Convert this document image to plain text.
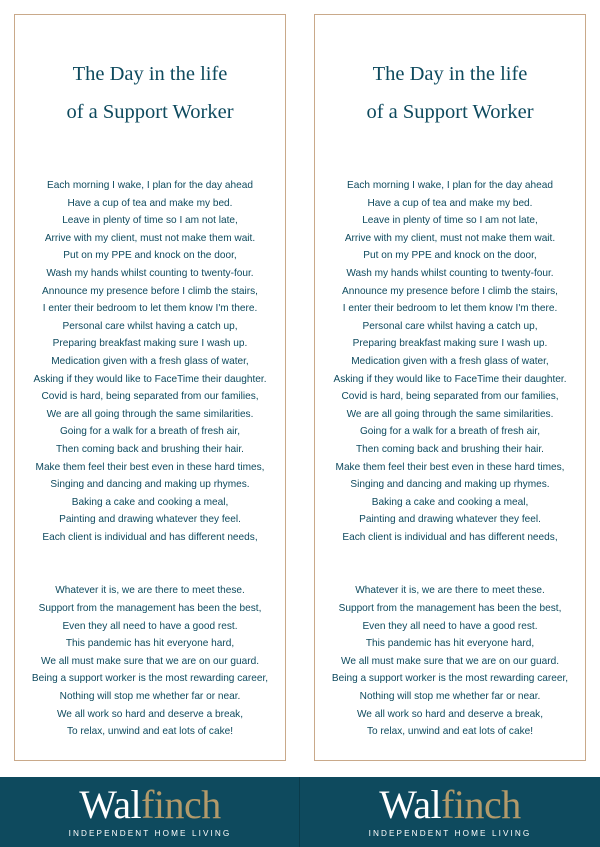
The Day in the life
of a Support Worker
Each morning I wake, I plan for the day ahead
Have a cup of tea and make my bed.
Leave in plenty of time so I am not late,
Arrive with my client, must not make them wait.
Put on my PPE and knock on the door,
Wash my hands whilst counting to twenty-four.
Announce my presence before I climb the stairs,
I enter their bedroom to let them know I'm there.
Personal care whilst having a catch up,
Preparing breakfast making sure I wash up.
Medication given with a fresh glass of water,
Asking if they would like to FaceTime their daughter.
Covid is hard, being separated from our families,
We are all going through the same similarities.
Going for a walk for a breath of fresh air,
Then coming back and brushing their hair.
Make them feel their best even in these hard times,
Singing and dancing and making up rhymes.
Baking a cake and cooking a meal,
Painting and drawing whatever they feel.
Each client is individual and has different needs,
Whatever it is, we are there to meet these.
Support from the management has been the best,
Even they all need to have a good rest.
This pandemic has hit everyone hard,
We all must make sure that we are on our guard.
Being a support worker is the most rewarding career,
Nothing will stop me whether far or near.
We all work so hard and deserve a break,
To relax, unwind and eat lots of cake!
The Day in the life
of a Support Worker
Each morning I wake, I plan for the day ahead
Have a cup of tea and make my bed.
Leave in plenty of time so I am not late,
Arrive with my client, must not make them wait.
Put on my PPE and knock on the door,
Wash my hands whilst counting to twenty-four.
Announce my presence before I climb the stairs,
I enter their bedroom to let them know I'm there.
Personal care whilst having a catch up,
Preparing breakfast making sure I wash up.
Medication given with a fresh glass of water,
Asking if they would like to FaceTime their daughter.
Covid is hard, being separated from our families,
We are all going through the same similarities.
Going for a walk for a breath of fresh air,
Then coming back and brushing their hair.
Make them feel their best even in these hard times,
Singing and dancing and making up rhymes.
Baking a cake and cooking a meal,
Painting and drawing whatever they feel.
Each client is individual and has different needs,
Whatever it is, we are there to meet these.
Support from the management has been the best,
Even they all need to have a good rest.
This pandemic has hit everyone hard,
We all must make sure that we are on our guard.
Being a support worker is the most rewarding career,
Nothing will stop me whether far or near.
We all work so hard and deserve a break,
To relax, unwind and eat lots of cake!
Walfinch
INDEPENDENT HOME LIVING
Walfinch
INDEPENDENT HOME LIVING
